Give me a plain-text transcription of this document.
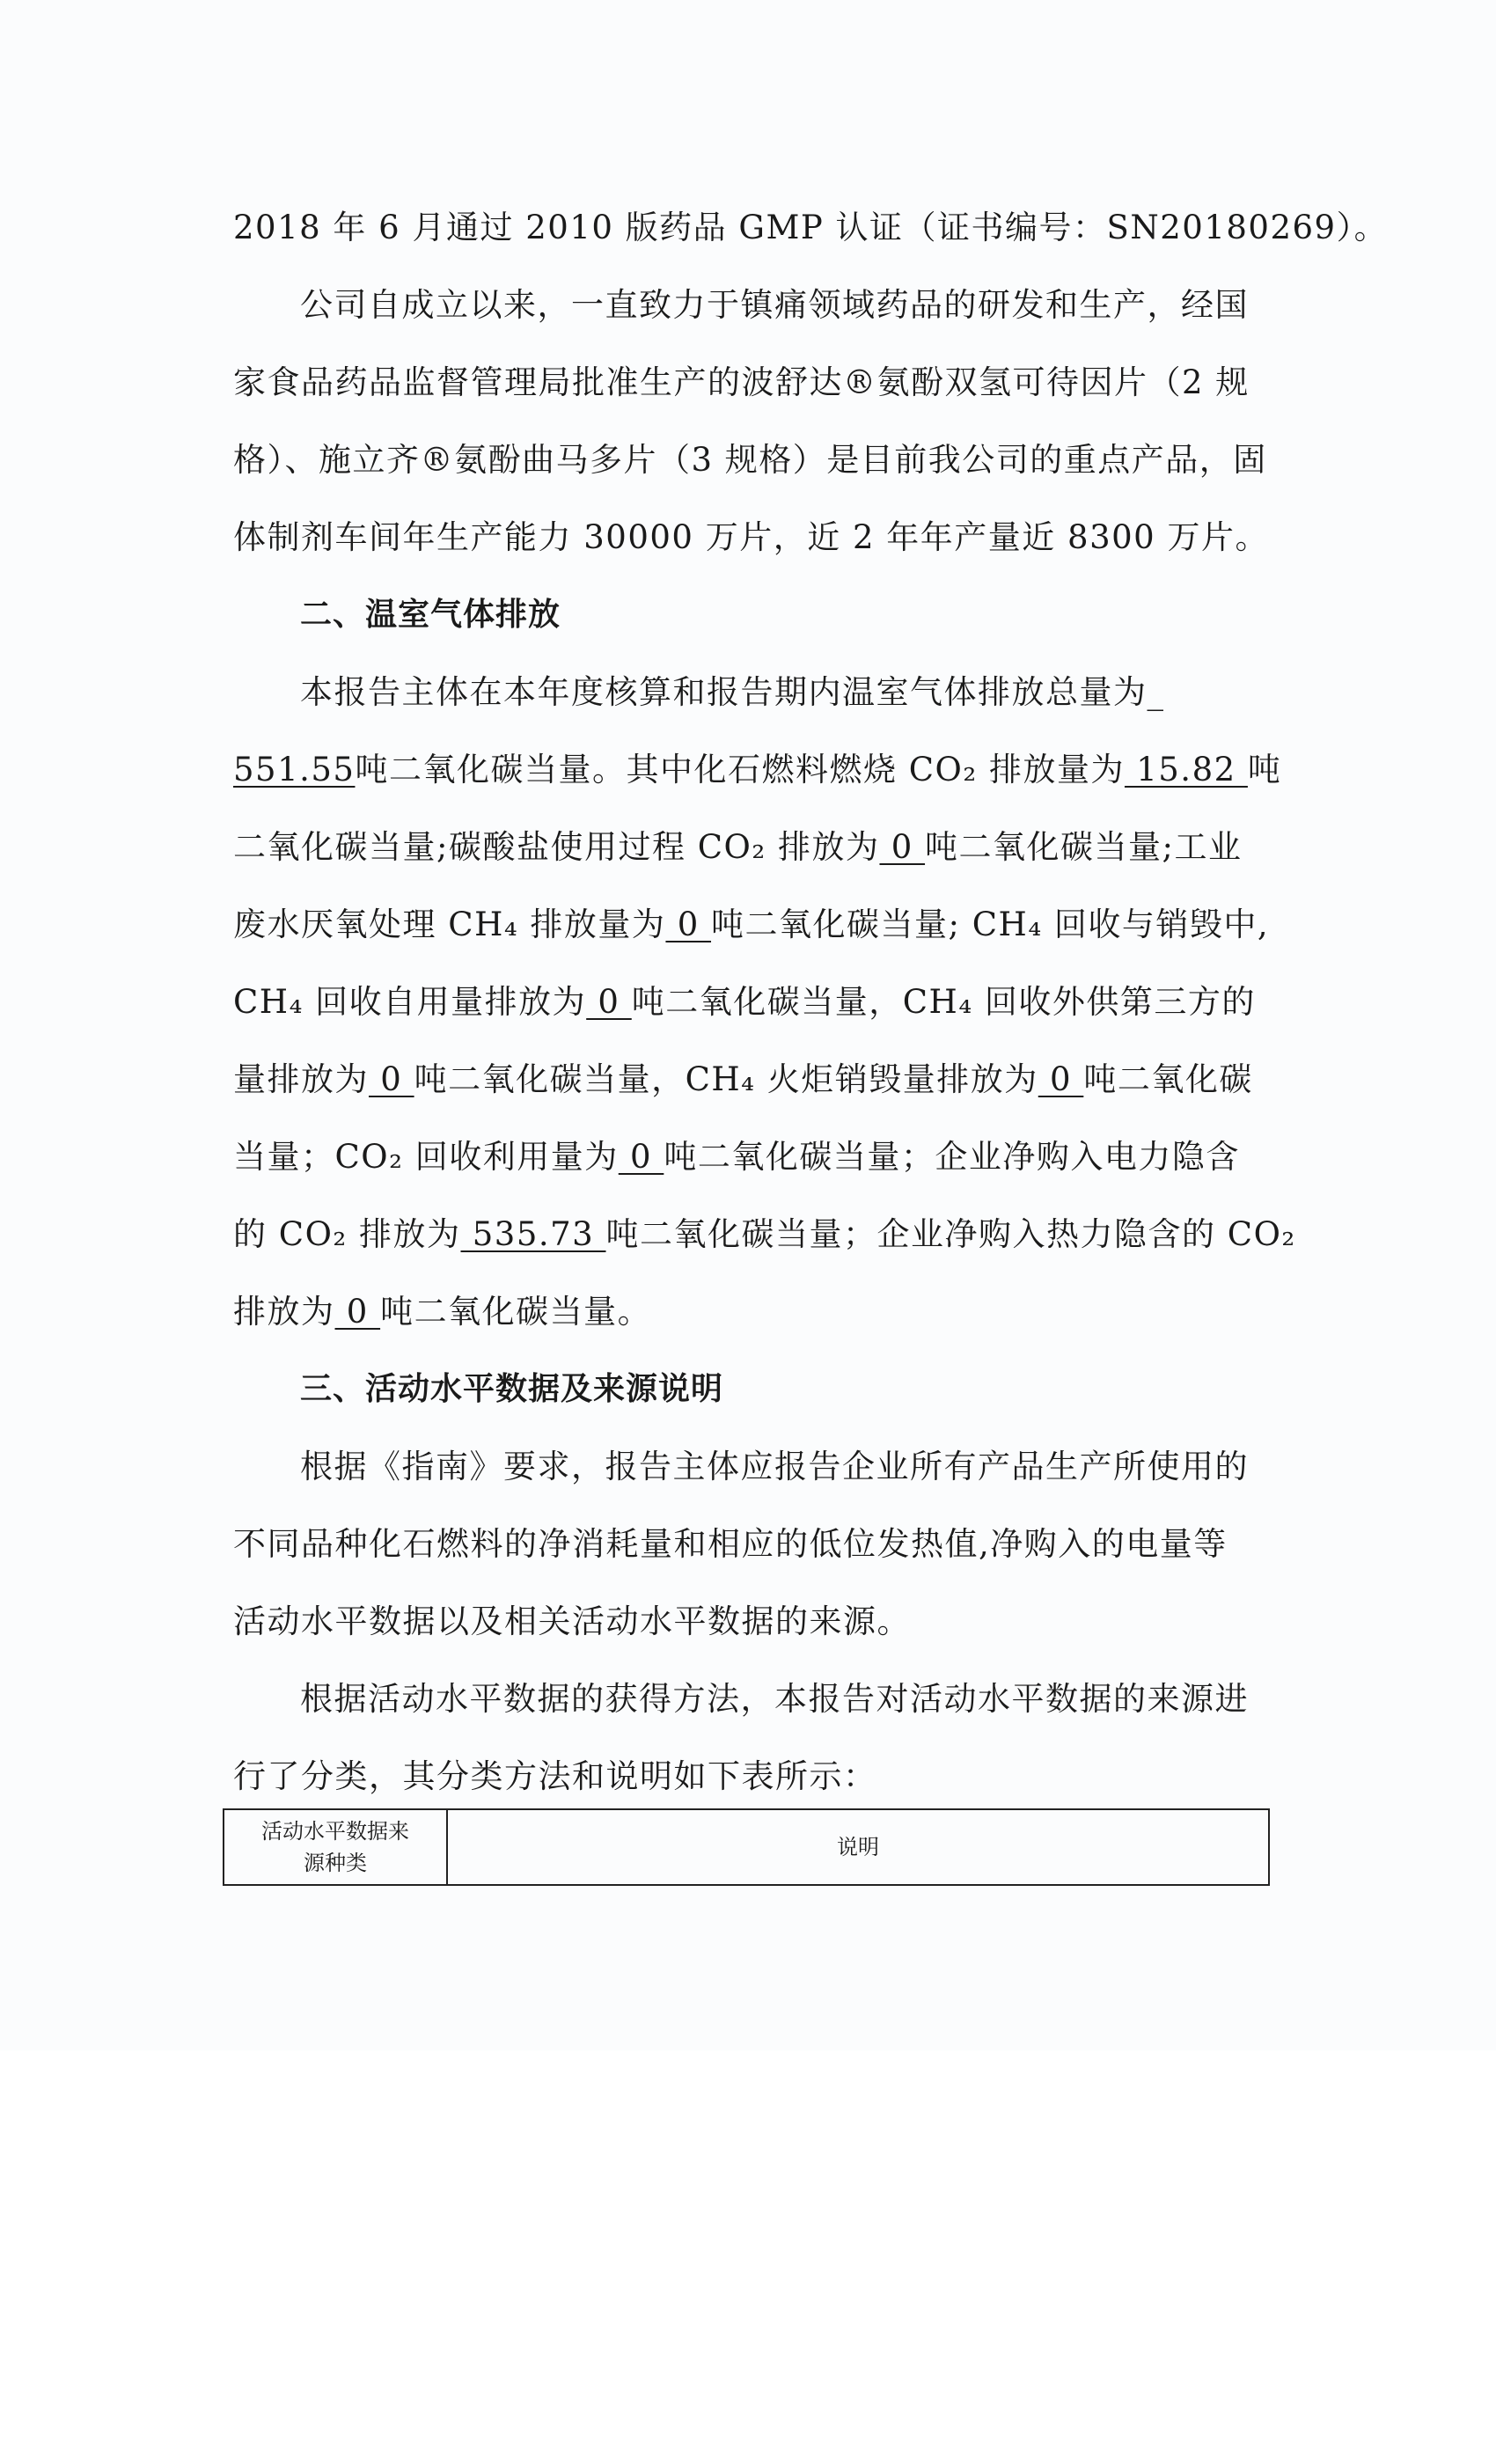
2018 年 6 月通过 2010 版药品 GMP 认证（证书编号：SN20180269）。

公司自成立以来，一直致力于镇痛领域药品的研发和生产，经国

家食品药品监督管理局批准生产的波舒达®氨酚双氢可待因片（2 规

格）、施立齐®氨酚曲马多片（3 规格）是目前我公司的重点产品，固

体制剂车间年生产能力 30000 万片，近 2 年年产量近 8300 万片。

二、温室气体排放

本报告主体在本年度核算和报告期内温室气体排放总量为_

551.55吨二氧化碳当量。其中化石燃料燃烧 CO₂ 排放量为 15.82 吨

二氧化碳当量;碳酸盐使用过程 CO₂ 排放为 0 吨二氧化碳当量;工业

废水厌氧处理 CH₄ 排放量为 0 吨二氧化碳当量; CH₄ 回收与销毁中,

CH₄ 回收自用量排放为 0 吨二氧化碳当量，CH₄ 回收外供第三方的

量排放为 0 吨二氧化碳当量，CH₄ 火炬销毁量排放为 0 吨二氧化碳

当量；CO₂ 回收利用量为 0 吨二氧化碳当量；企业净购入电力隐含

的 CO₂ 排放为 535.73 吨二氧化碳当量；企业净购入热力隐含的 CO₂

排放为 0 吨二氧化碳当量。

三、活动水平数据及来源说明

根据《指南》要求，报告主体应报告企业所有产品生产所使用的

不同品种化石燃料的净消耗量和相应的低位发热值,净购入的电量等

活动水平数据以及相关活动水平数据的来源。

根据活动水平数据的获得方法，本报告对活动水平数据的来源进

行了分类，其分类方法和说明如下表所示：

活动水平数据来
源种类	说明
